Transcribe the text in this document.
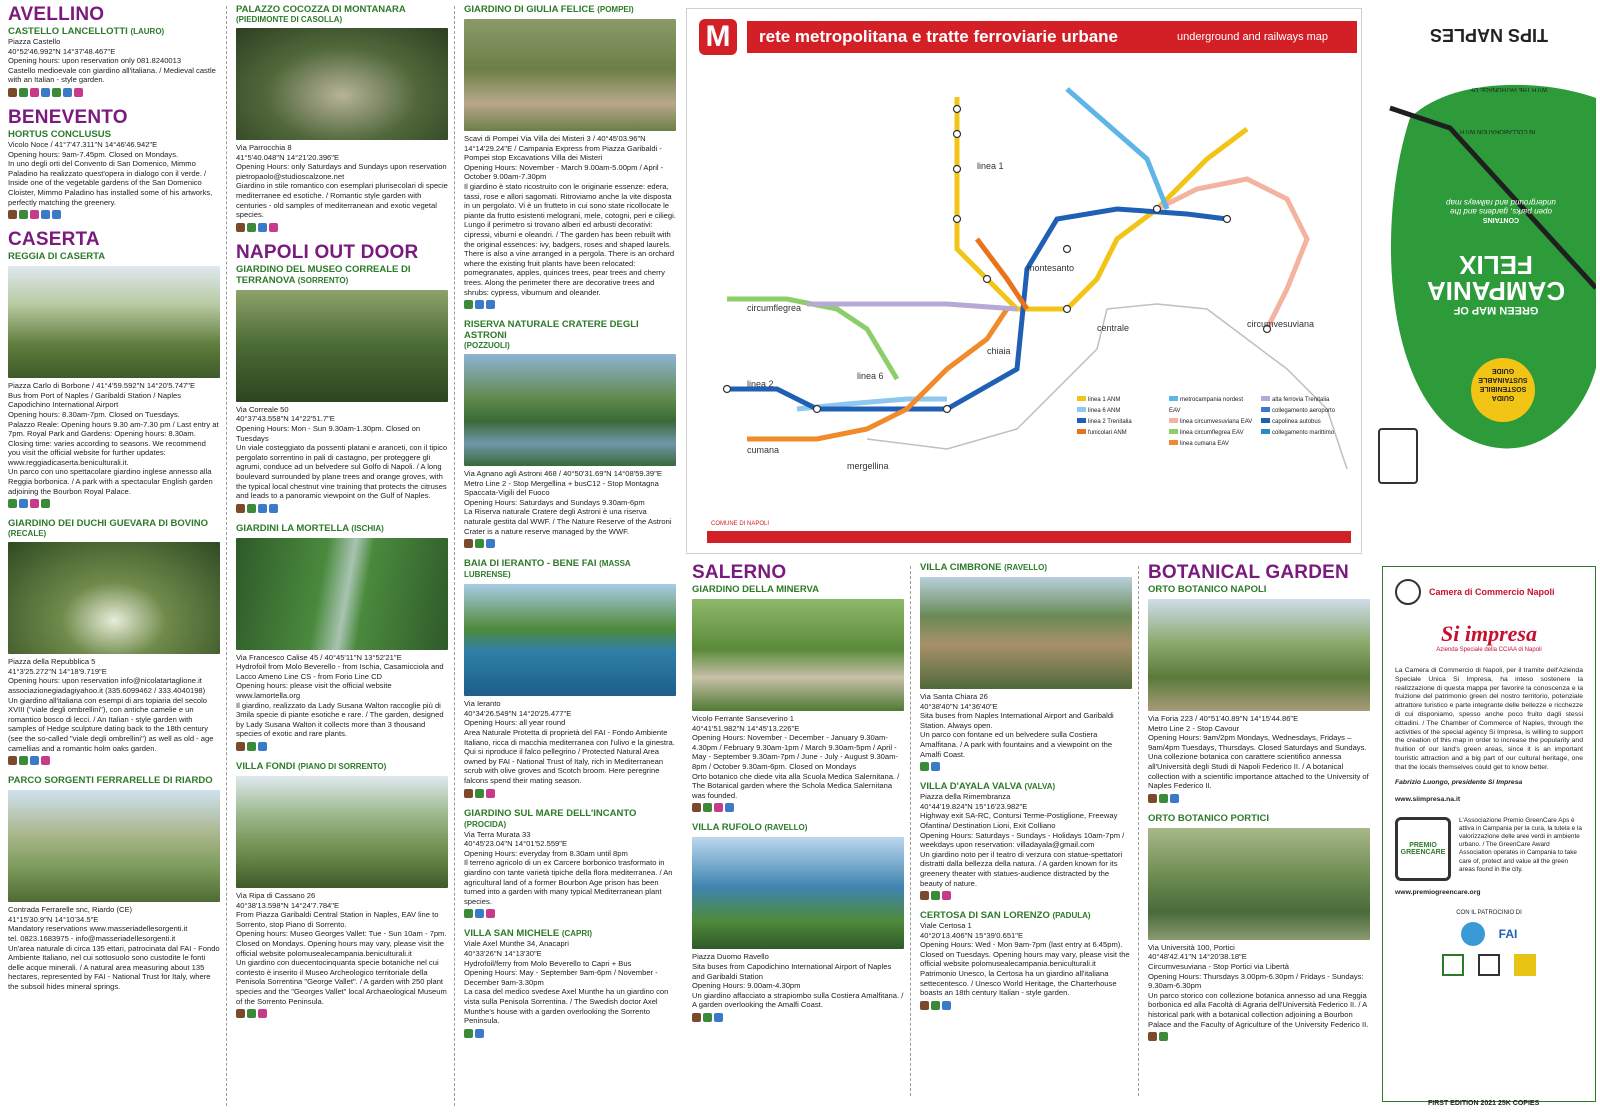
AVELLINO
CASTELLO LANCELLOTTI (LAURO)
Piazza Castello
40°52'46.992"N 14°37'48.467"E
Opening hours: upon reservation only 081.8240013
Castello medioevale con giardino all'italiana. / Medieval castle with an Italian - style garden.
BENEVENTO
HORTUS CONCLUSUS
Vicolo Noce / 41°7'47.311"N 14°46'46.942"E
Opening hours: 9am-7.45pm. Closed on Mondays.
In uno degli orti del Convento di San Domenico, Mimmo Paladino ha realizzato quest'opera in dialogo con il verde. / Inside one of the vegetable gardens of the San Domenico Cloister, Mimmo Paladino has installed some of his artworks, perfectly matching the greenery.
CASERTA
REGGIA DI CASERTA
Piazza Carlo di Borbone / 41°4'59.592"N 14°20'5.747"E
Bus from Port of Naples / Garibaldi Station / Naples Capodichino International Airport
Opening hours: 8.30am-7pm. Closed on Tuesdays.
Palazzo Reale: Opening hours 9.30 am-7.30 pm / Last entry at 7pm. Royal Park and Gardens: Opening hours: 8.30am. Closing time: varies according to seasons. We recommend you visit the official website for further updates:
www.reggiadicaserta.beniculturali.it.
Un parco con uno spettacolare giardino inglese annesso alla Reggia borbonica. / A park with a spectacular English garden adjoining the Bourbon Royal Palace.
GIARDINO DEI DUCHI GUEVARA DI BOVINO
(RECALE)
Piazza della Repubblica 5
41°3'25.272"N 14°18'9.719"E
Opening hours: upon reservation info@nicolatartaglione.it
associazionegiadagiyahoo.it (335.6099462 / 333.4040198)
Un giardino all'italiana con esempi di ars topiaria del secolo XVIII ("viale degli ombrellini"), con antiche camelie e un romantico bosco di lecci. / An Italian - style garden with samples of Hedge sculpture dating back to the 18th century (see the so-called "viale degli ombrellini") as well as old - age camellias and a romantic holm oaks garden.
PARCO SORGENTI FERRARELLE DI RIARDO
Contrada Ferrarelle snc, Riardo (CE)
41°15'30.9"N 14°10'34.5"E
Mandatory reservations www.masseriadellesorgenti.it
tel. 0823.1683975 - info@masseriadellesorgenti.it
Un'area naturale di circa 135 ettari, patrocinata dal FAI - Fondo Ambiente Italiano, nel cui sottosuolo sono custodite le fonti delle acque minerali. / A natural area measuring about 135 hectares, represented by FAI - National Trust for Italy, where the subsoil hides mineral springs.
PALAZZO COCOZZA DI MONTANARA
(PIEDIMONTE DI CASOLLA)
Via Parrocchia 8
41°5'40.048"N 14°21'20.396"E
Opening Hours: only Saturdays and Sundays upon reservation pietropaolo@studioscalzone.net
Giardino in stile romantico con esemplari plurisecolari di specie mediterranee ed esotiche. / Romantic style garden with centuries - old samples of mediterranean and exotic vegetal species.
NAPOLI OUT DOOR
GIARDINO DEL MUSEO CORREALE DI TERRANOVA (SORRENTO)
Via Correale 50
40°37'43.558"N 14°22'51.7"E
Opening Hours: Mon - Sun 9.30am-1.30pm. Closed on Tuesdays
Un viale costeggiato da possenti platani e aranceti, con il tipico pergolato sorrentino in pali di castagno, per proteggere gli agrumi, conduce ad un belvedere sul Golfo di Napoli. / A long boulevard surrounded by plane trees and orange groves, with the typical local chestnut vine training that protects the citruses and leads to a panoramic viewpoint on the Gulf of Naples.
GIARDINI LA MORTELLA (ISCHIA)
Via Francesco Calise 45 / 40°45'11"N 13°52'21"E
Hydrofoil from Molo Beverello - from Ischia, Casamicciola and Lacco Ameno Line CS - from Forio Line CD
Opening hours: please visit the official website www.lamortella.org
Il giardino, realizzato da Lady Susana Walton raccoglie più di 3mila specie di piante esotiche e rare. / The garden, designed by Lady Susana Walton it collects more than 3 thousand species of exotic and rare plants.
VILLA FONDI (PIANO DI SORRENTO)
Via Ripa di Cassano 26
40°38'13.598"N 14°24'7.784"E
From Piazza Garibaldi Central Station in Naples, EAV line to Sorrento, stop Piano di Sorrento.
Opening hours: Museo Georges Vallet: Tue - Sun 10am - 7pm. Closed on Mondays. Opening hours may vary, please visit the official website polomusealecampania.beniculturali.it
Un giardino con duecentocinquanta specie botaniche nel cui contesto è inserito il Museo Archeologico territoriale della Penisola Sorrentina "George Vallet". / A garden with 250 plant species and the "Georges Vallet" local Archaeological Museum of the Sorrento Peninsula.
GIARDINO DI GIULIA FELICE (POMPEI)
Scavi di Pompei Via Villa dei Misteri 3 / 40°45'03.96"N 14°14'29.24"E / Campania Express from Piazza Garibaldi - Pompei stop Excavations Villa dei Misteri
Opening Hours: November - March 9.00am-5.00pm / April - October 9.00am-7.30pm
Il giardino è stato ricostruito con le originarie essenze: edera, tassi, rose e allori sagomati. Ritroviamo anche la vite disposta in un pergolato. Vi è un frutteto in cui sono state ricollocate le piante da frutto esistenti melograni, mele, cotogni, peri e ciliegi. Lungo il perimetro si trovano alberi ed arbusti decorativi: cipressi, viburni e oleandri. / The garden has been rebuilt with the original essences: ivy, badgers, roses and shaped laurels. There is also a vine arranged in a pergola. There is an orchard where the existing fruit plants have been relocated: pomegranates, apples, quinces trees, pear trees and cherry trees. Along the perimeter there are decorative trees and shrubs: cypress, viburnum and oleander.
RISERVA NATURALE CRATERE DEGLI ASTRONI
(POZZUOLI)
Via Agnano agli Astroni 468 / 40°50'31.69"N 14°08'59.39"E
Metro Line 2 - Stop Mergellina + busC12 - Stop Montagna Spaccata-Vigili del Fuoco
Opening Hours: Saturdays and Sundays 9.30am-6pm
La Riserva naturale Cratere degli Astroni è una riserva naturale gestita dal WWF. / The Nature Reserve of the Astroni Crater is a nature reserve managed by the WWF.
BAIA DI IERANTO - BENE FAI (MASSA LUBRENSE)
Via Ieranto
40°34'26.549"N 14°20'25.477"E
Opening Hours: all year round
Area Naturale Protetta di proprietà del FAI - Fondo Ambiente Italiano, ricca di macchia mediterranea con l'ulivo e la ginestra. Qui si riproduce il falco pellegrino / Protected Natural Area owned by FAI - National Trust of Italy, rich in Mediterranean scrub with olive groves and Scotch broom. Here peregrine falcons spend their mating season.
GIARDINO SUL MARE DELL'INCANTO (PROCIDA)
Via Terra Murata 33
40°45'23.04"N 14°01'52.559"E
Opening Hours: everyday from 8.30am until 8pm
Il terreno agricolo di un ex Carcere borbonico trasformato in giardino con tante varietà tipiche della flora mediterranea. / An agricultural land of a former Bourbon Age prison has been turned into a garden with many typical Mediterranean plant species.
VILLA SAN MICHELE (CAPRI)
Viale Axel Munthe 34, Anacapri
40°33'26"N 14°13'30"E
Hydrofoil/ferry from Molo Beverello to Capri + Bus
Opening Hours: May - September 9am-6pm / November - December 9am-3.30pm
La casa del medico svedese Axel Munthe ha un giardino con vista sulla Penisola Sorrentina. / The Swedish doctor Axel Munthe's house with a garden overlooking the Sorrento Peninsula.
M	rete metropolitana e tratte ferroviarie urbane	underground and railways map
linea 1
linea 2
linea 6
circumflegrea
circumvesuviana
cumana
montesanto
chiaia
mergellina
centrale
linea 1 ANM
linea 6 ANM
linea 2 Trenitalia
funicolari ANM
metrocampania nordest EAV
linea circumvesuviana EAV
linea circumflegrea EAV
linea cumana EAV
alta ferrovia Trenitalia
collegamento aeroporto
capolinea autobus
collegamento marittimo
COMUNE DI NAPOLI
TIPS NAPLES
IN COLLABORATION WITH
WITH THE PATRONAGE OF
GREEN MAP OF
CAMPANIA
FELIX
CONTAINS
open parks, gardens and the underground and railways map
GUIDA
SOSTENIBILE
SUSTAINABLE
GUIDE
SALERNO
GIARDINO DELLA MINERVA
Vicolo Ferrante Sanseverino 1
40°41'51.982"N 14°45'13.226"E
Opening Hours: November - December - January 9.30am-4.30pm / February 9.30am-1pm / March 9.30am-5pm / April - May - September 9.30am-7pm / June - July - August 9.30am-8pm / October 9.30am-6pm. Closed on Mondays
Orto botanico che diede vita alla Scuola Medica Salernitana. / The Botanical garden where the Schola Medica Salernitana was founded.
VILLA RUFOLO (RAVELLO)
Piazza Duomo Ravello
Sita buses from Capodichino International Airport of Naples and Garibaldi Station
Opening Hours: 9.00am-4.30pm
Un giardino affacciato a strapiombo sulla Costiera Amalfitana. / A garden overlooking the Amalfi Coast.
VILLA CIMBRONE (RAVELLO)
Via Santa Chiara 26
40°38'40"N 14°36'40"E
Sita buses from Naples International Airport and Garibaldi Station. Always open.
Un parco con fontane ed un belvedere sulla Costiera Amalfitana. / A park with fountains and a viewpoint on the Amalfi Coast.
VILLA D'AYALA VALVA (VALVA)
Piazza della Rimembranza
40°44'19.824"N 15°16'23.982"E
Highway exit SA-RC, Contursi Terme-Postiglione, Freeway Ofantina/ Destination Lioni, Exit Colliano
Opening Hours: Saturdays - Sundays - Holidays 10am-7pm / weekdays upon reservation: villadayala@gmail.com
Un giardino noto per il teatro di verzura con statue-spettatori distratti dalla bellezza della natura. / A garden known for its greenery theater with statues-audience distracted by the beauty of nature.
CERTOSA DI SAN LORENZO (PADULA)
Viale Certosa 1
40°20'13.406"N 15°39'0.651"E
Opening Hours: Wed - Mon 9am-7pm (last entry at 6.45pm). Closed on Tuesdays. Opening hours may vary, please visit the official website polomusealecampania.beniculturali.it
Patrimonio Unesco, la Certosa ha un giardino all'italiana settecentesco. / Unesco World Heritage, the Charterhouse boasts an 18th century Italian - style garden.
BOTANICAL GARDEN
ORTO BOTANICO NAPOLI
Via Foria 223 / 40°51'40.89"N 14°15'44.86"E
Metro Line 2 - Stop Cavour
Opening Hours: 9am/2pm Mondays, Wednesdays, Fridays – 9am/4pm Tuesdays, Thursdays. Closed Saturdays and Sundays.
Una collezione botanica con carattere scientifico annessa all'Università degli Studi di Napoli Federico II. / A botanical collection with a scientific importance attached to the University of Naples Federico II.
ORTO BOTANICO PORTICI
Via Università 100, Portici
40°48'42.41"N 14°20'38.18"E
Circumvesuviana - Stop Portici via Libertà
Opening Hours: Thursdays 3.00pm-6.30pm / Fridays - Sundays: 9.30am-6.30pm
Un parco storico con collezione botanica annesso ad una Reggia borbonica ed alla Facoltà di Agraria dell'Università Federico II. / A historical park with a botanical collection adjoining a Bourbon Palace and the Faculty of Agriculture of the University Federico II.
Camera di Commercio Napoli
Si impresa
Azienda Speciale della CCIAA di Napoli
La Camera di Commercio di Napoli, per il tramite dell'Azienda Speciale Unica Si Impresa, ha inteso sostenere la realizzazione di questa mappa per favorire la conoscenza e la fruizione del patrimonio green del nostro territorio, potenziale attrattore turistico e parte integrante delle bellezze e ricchezze di cui disponiamo, spesso anche poco fruito dagli stessi cittadini. / The Chamber of Commerce of Naples, through the activities of the special agency Si Impresa, is willing to support the creation of this map in order to increase the popularity and fruition of our land's green areas, since it is an important touristic attraction and a big part of our cultural heritage, one that the locals themselves could get to know better.
Fabrizio Luongo, presidente Si Impresa
www.siimpresa.na.it
PREMIO GREENCARE
L'Associazione Premio GreenCare Aps è attiva in Campania per la cura, la tutela e la valorizzazione delle aree verdi in ambiente urbano. / The GreenCare Award Association operates in Campania to take care of, protect and value all the green areas found in the city.
www.premiogreencare.org
CON IL PATROCINIO DI
FAI
FIRST EDITION 2021 25K COPIES
